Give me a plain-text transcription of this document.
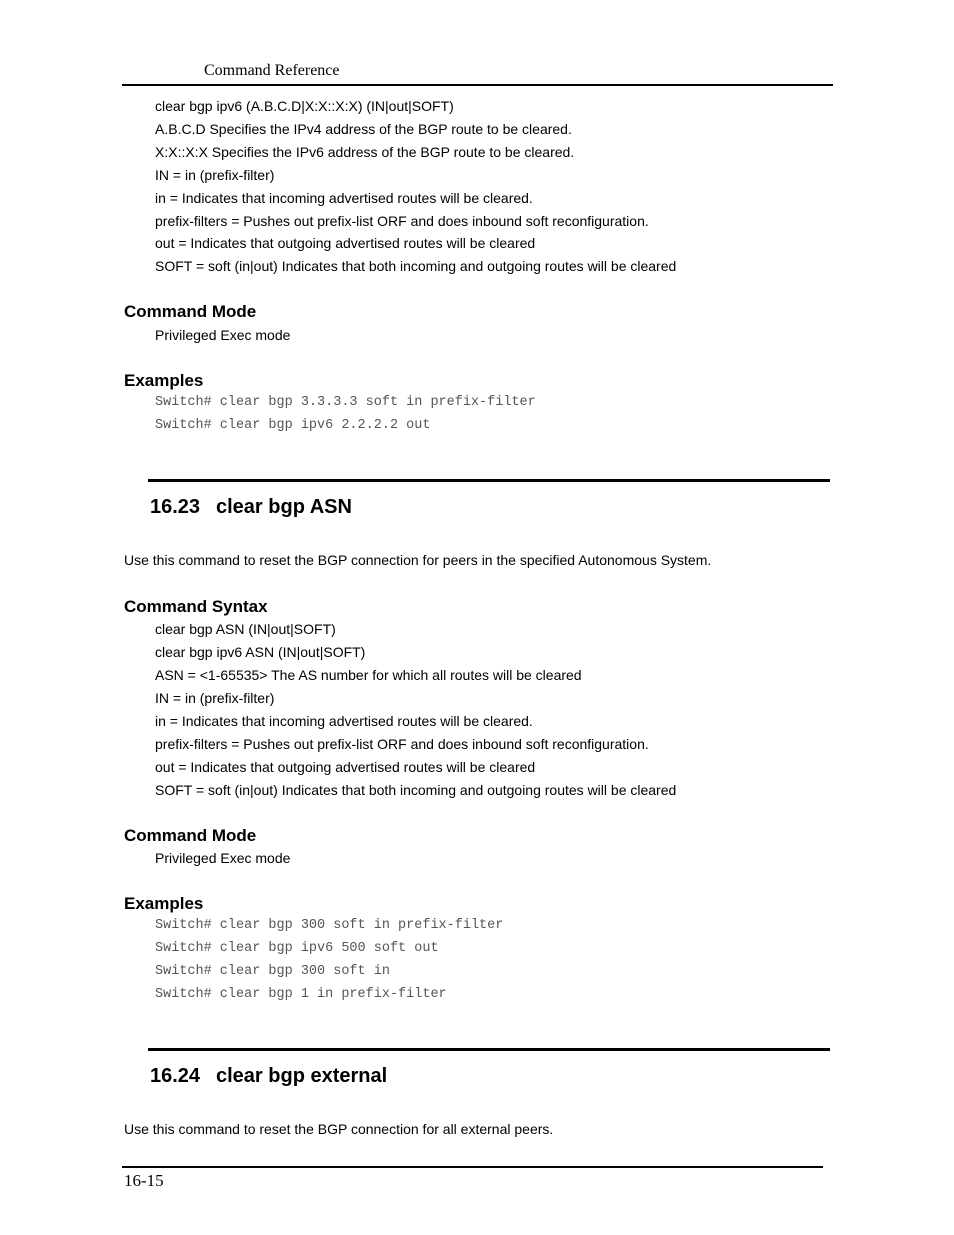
Command Reference
clear bgp ipv6 (A.B.C.D|X:X::X:X) (IN|out|SOFT)
A.B.C.D Specifies the IPv4 address of the BGP route to be cleared.
X:X::X:X Specifies the IPv6 address of the BGP route to be cleared.
IN = in (prefix-filter)
in = Indicates that incoming advertised routes will be cleared.
prefix-filters = Pushes out prefix-list ORF and does inbound soft reconfiguration.
out = Indicates that outgoing advertised routes will be cleared
SOFT = soft (in|out) Indicates that both incoming and outgoing routes will be cleared
Command Mode
Privileged Exec mode
Examples
Switch# clear bgp 3.3.3.3 soft in prefix-filter
Switch# clear bgp ipv6 2.2.2.2 out
16.23 clear bgp ASN
Use this command to reset the BGP connection for peers in the specified Autonomous System.
Command Syntax
clear bgp ASN (IN|out|SOFT)
clear bgp ipv6 ASN (IN|out|SOFT)
ASN = <1-65535> The AS number for which all routes will be cleared
IN = in (prefix-filter)
in = Indicates that incoming advertised routes will be cleared.
prefix-filters = Pushes out prefix-list ORF and does inbound soft reconfiguration.
out = Indicates that outgoing advertised routes will be cleared
SOFT = soft (in|out) Indicates that both incoming and outgoing routes will be cleared
Command Mode
Privileged Exec mode
Examples
Switch# clear bgp 300 soft in prefix-filter
Switch# clear bgp ipv6 500 soft out
Switch# clear bgp 300 soft in
Switch# clear bgp 1 in prefix-filter
16.24 clear bgp external
Use this command to reset the BGP connection for all external peers.
16-15
